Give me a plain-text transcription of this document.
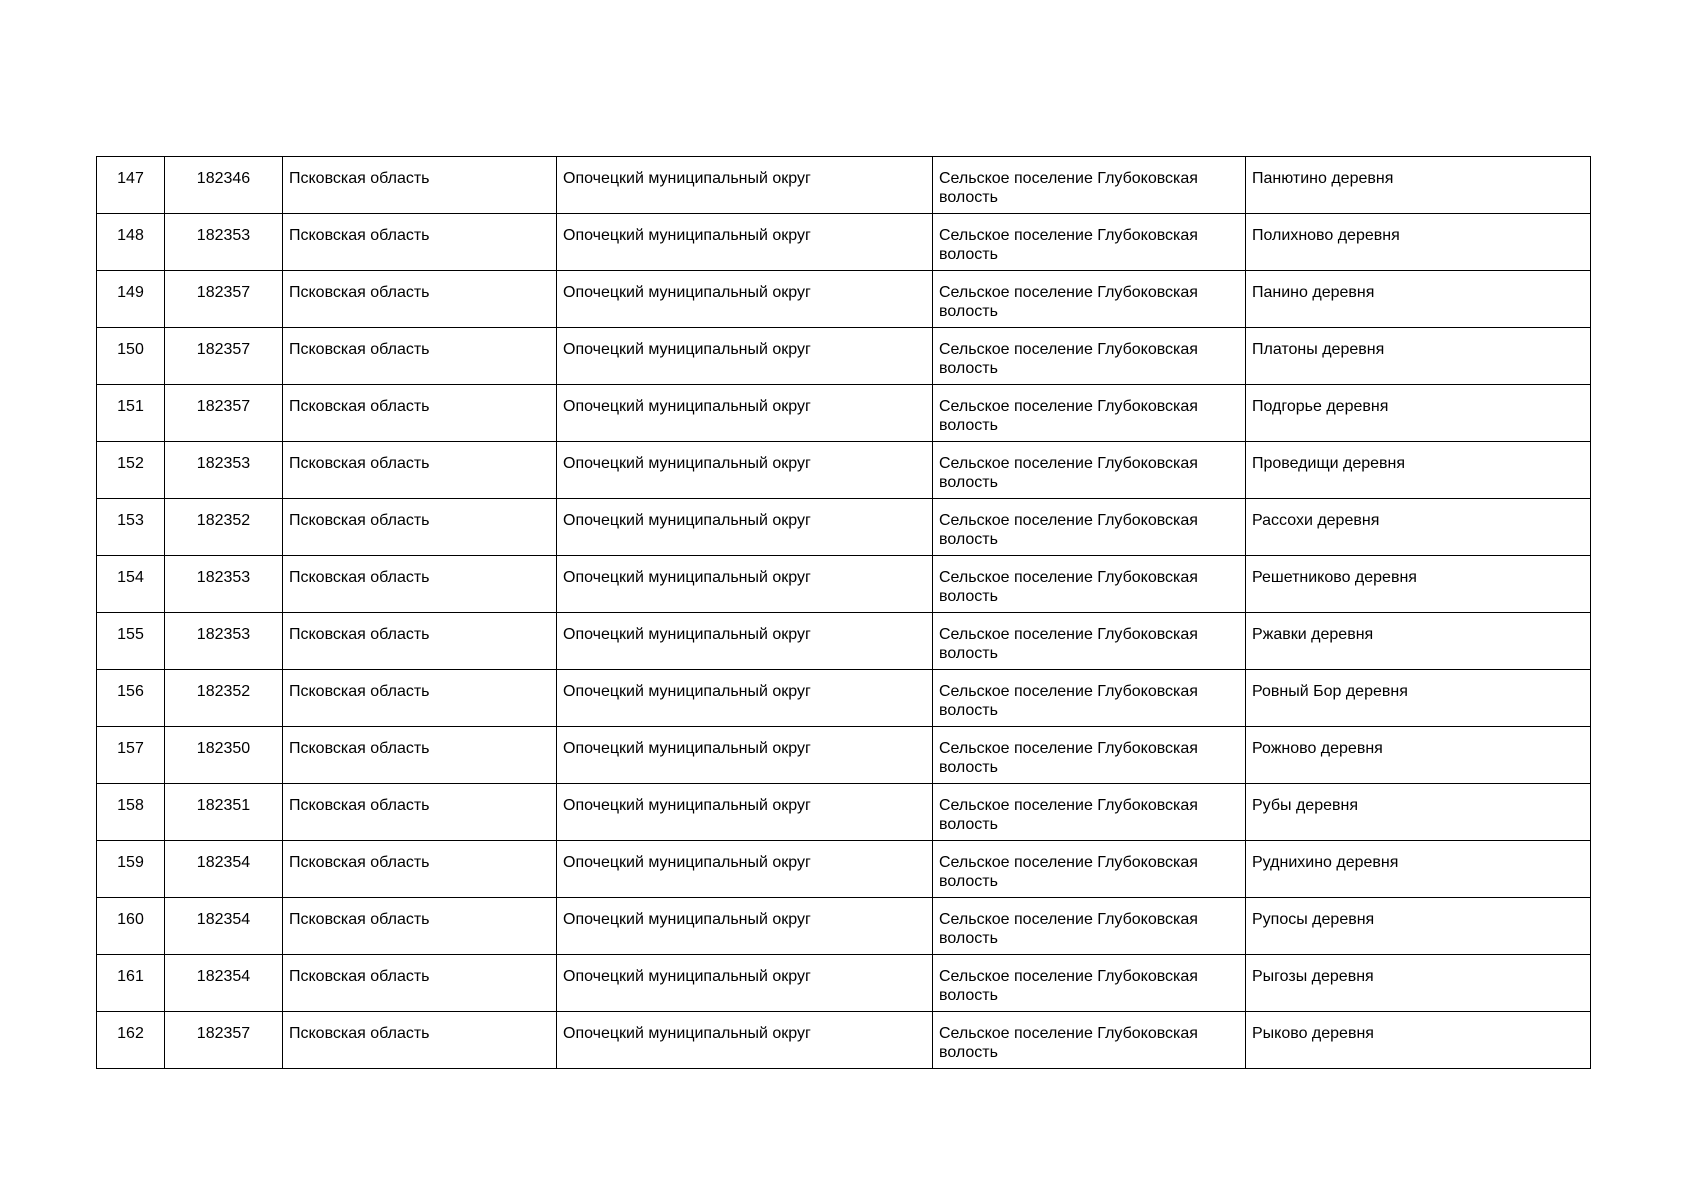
147	182346	Псковская область	Опочецкий муниципальный округ	Сельское поселение Глубоковская волость	Панютино деревня
148	182353	Псковская область	Опочецкий муниципальный округ	Сельское поселение Глубоковская волость	Полихново деревня
149	182357	Псковская область	Опочецкий муниципальный округ	Сельское поселение Глубоковская волость	Панино деревня
150	182357	Псковская область	Опочецкий муниципальный округ	Сельское поселение Глубоковская волость	Платоны деревня
151	182357	Псковская область	Опочецкий муниципальный округ	Сельское поселение Глубоковская волость	Подгорье деревня
152	182353	Псковская область	Опочецкий муниципальный округ	Сельское поселение Глубоковская волость	Проведищи деревня
153	182352	Псковская область	Опочецкий муниципальный округ	Сельское поселение Глубоковская волость	Рассохи деревня
154	182353	Псковская область	Опочецкий муниципальный округ	Сельское поселение Глубоковская волость	Решетниково деревня
155	182353	Псковская область	Опочецкий муниципальный округ	Сельское поселение Глубоковская волость	Ржавки деревня
156	182352	Псковская область	Опочецкий муниципальный округ	Сельское поселение Глубоковская волость	Ровный Бор деревня
157	182350	Псковская область	Опочецкий муниципальный округ	Сельское поселение Глубоковская волость	Рожново деревня
158	182351	Псковская область	Опочецкий муниципальный округ	Сельское поселение Глубоковская волость	Рубы деревня
159	182354	Псковская область	Опочецкий муниципальный округ	Сельское поселение Глубоковская волость	Руднихино деревня
160	182354	Псковская область	Опочецкий муниципальный округ	Сельское поселение Глубоковская волость	Рупосы деревня
161	182354	Псковская область	Опочецкий муниципальный округ	Сельское поселение Глубоковская волость	Рыгозы деревня
162	182357	Псковская область	Опочецкий муниципальный округ	Сельское поселение Глубоковская волость	Рыково деревня
